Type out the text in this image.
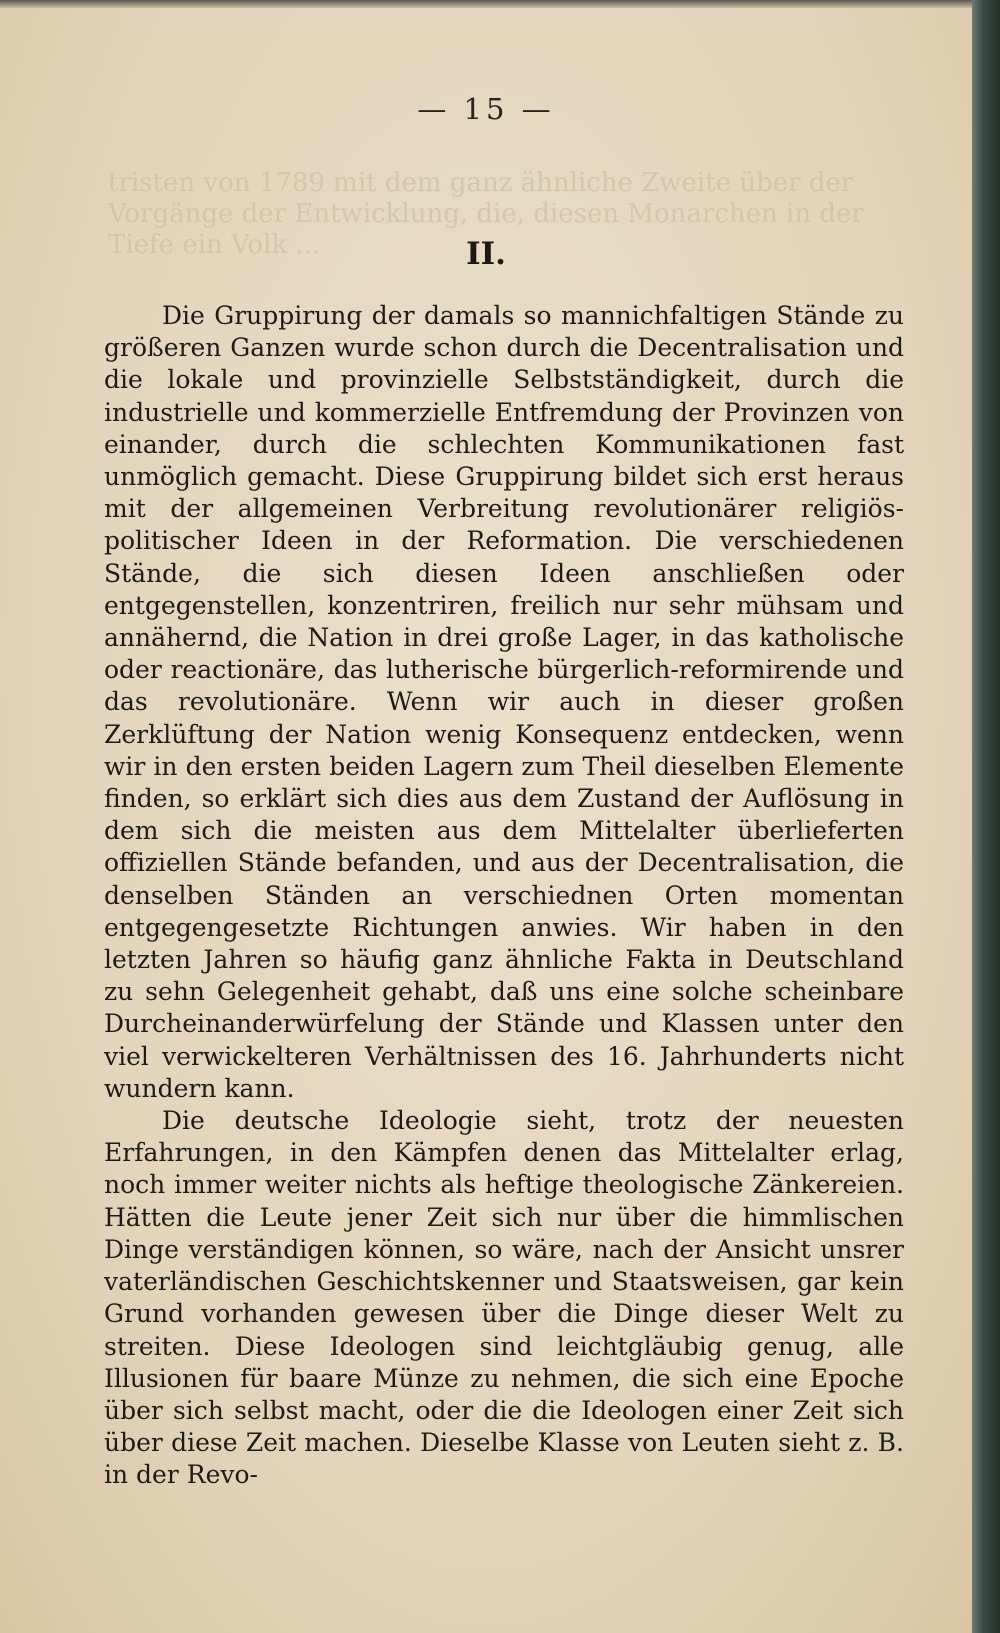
— 15 —
tristen von 1789 mit dem ganz ähnliche Zweite über der Vorgänge der Entwicklung, die, diesen Monarchen in der Tiefe ein Volk ...	II.

Die Gruppirung der damals so mannichfaltigen Stände zu größeren Ganzen wurde schon durch die Decentralisation und die lokale und provinzielle Selbstständigkeit, durch die industrielle und kommerzielle Entfremdung der Provinzen von einander, durch die schlechten Kommunikationen fast unmöglich gemacht. Diese Gruppirung bildet sich erst heraus mit der allgemeinen Verbreitung revolutionärer religiös-politischer Ideen in der Reformation. Die verschiedenen Stände, die sich diesen Ideen anschließen oder entgegenstellen, konzentriren, freilich nur sehr mühsam und annähernd, die Nation in drei große Lager, in das katholische oder reactionäre, das lutherische bürgerlich-reformirende und das revolutionäre. Wenn wir auch in dieser großen Zerklüftung der Nation wenig Konsequenz entdecken, wenn wir in den ersten beiden Lagern zum Theil dieselben Elemente finden, so erklärt sich dies aus dem Zustand der Auflösung in dem sich die meisten aus dem Mittelalter überlieferten offiziellen Stände befanden, und aus der Decentralisation, die denselben Ständen an verschiednen Orten momentan entgegengesetzte Richtungen anwies. Wir haben in den letzten Jahren so häufig ganz ähnliche Fakta in Deutschland zu sehn Gelegenheit gehabt, daß uns eine solche scheinbare Durcheinanderwürfelung der Stände und Klassen unter den viel verwickelteren Verhältnissen des 16. Jahrhunderts nicht wundern kann.

Die deutsche Ideologie sieht, trotz der neuesten Erfahrungen, in den Kämpfen denen das Mittelalter erlag, noch immer weiter nichts als heftige theologische Zänkereien. Hätten die Leute jener Zeit sich nur über die himmlischen Dinge verständigen können, so wäre, nach der Ansicht unsrer vaterländischen Geschichtskenner und Staatsweisen, gar kein Grund vorhanden gewesen über die Dinge dieser Welt zu streiten. Diese Ideologen sind leichtgläubig genug, alle Illusionen für baare Münze zu nehmen, die sich eine Epoche über sich selbst macht, oder die die Ideologen einer Zeit sich über diese Zeit machen. Dieselbe Klasse von Leuten sieht z. B. in der Revo-
